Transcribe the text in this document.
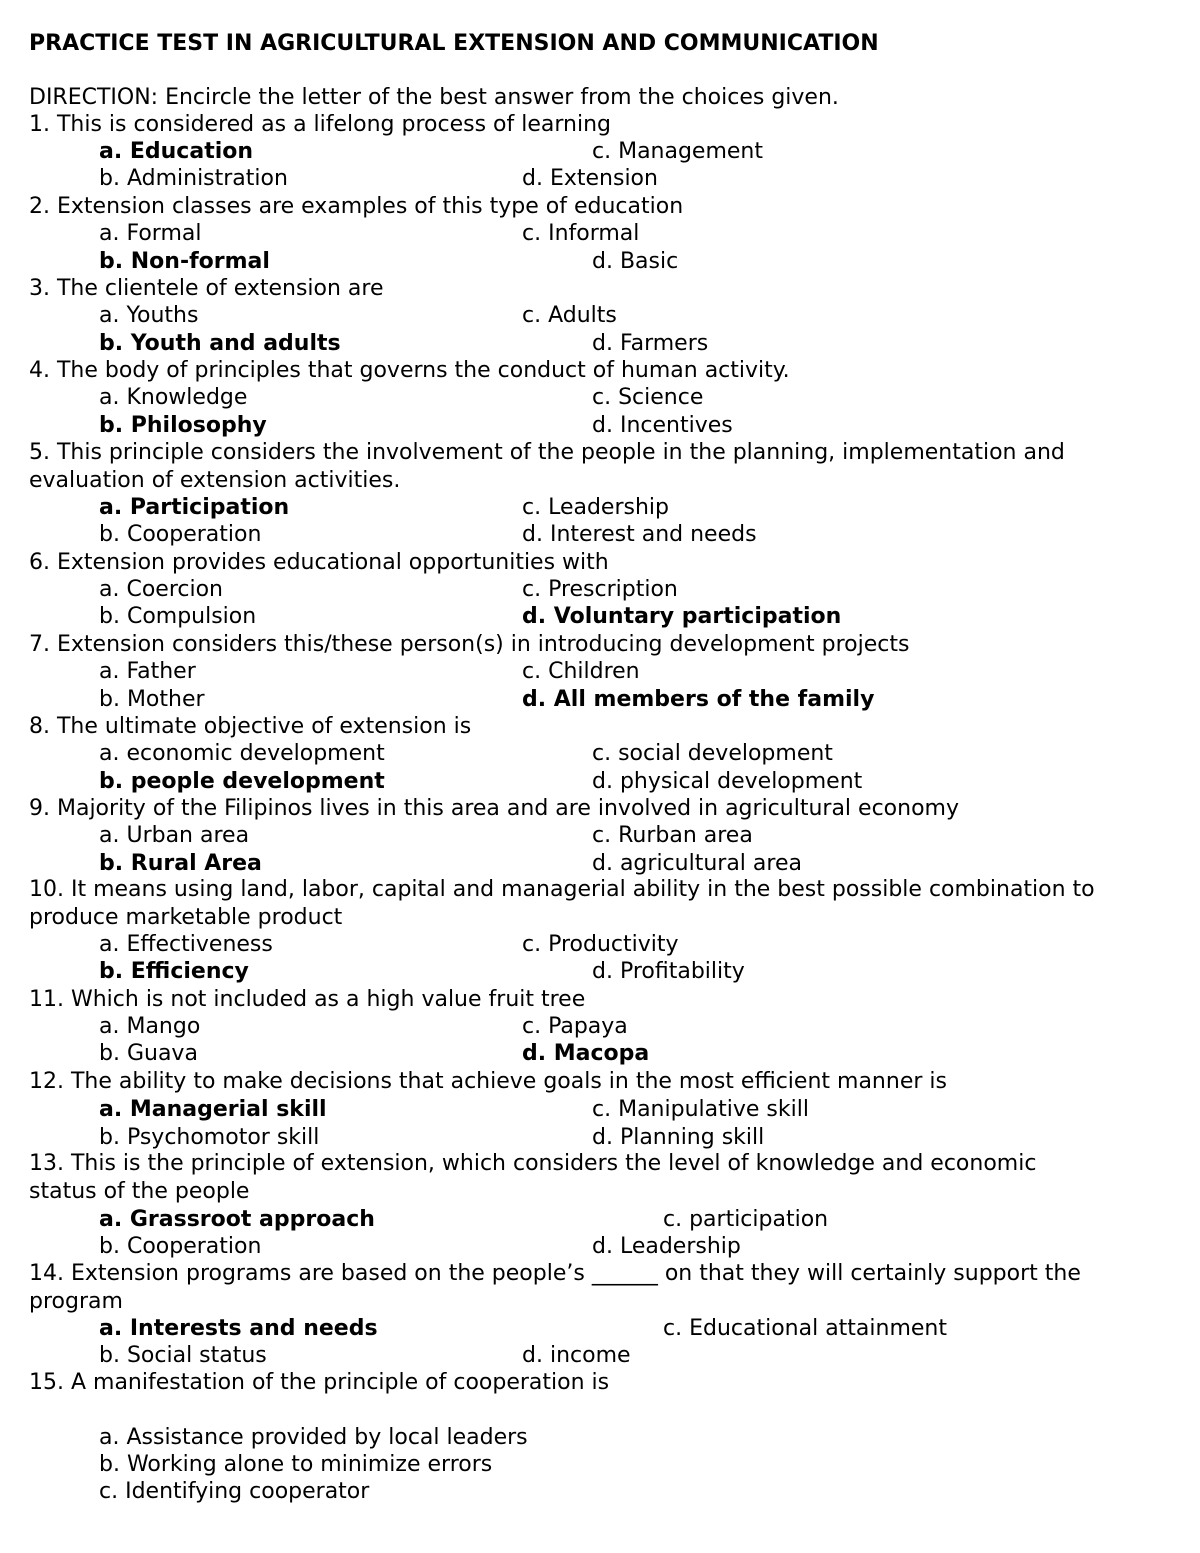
PRACTICE TEST IN AGRICULTURAL EXTENSION AND COMMUNICATION
DIRECTION: Encircle the letter of the best answer from the choices given.
1. This is considered as a lifelong process of learning
a. Education	c. Management
b. Administration	d. Extension
2. Extension classes are examples of this type of education
a. Formal	c. Informal
b. Non-formal	d. Basic
3. The clientele of extension are
a. Youths	c. Adults
b. Youth and adults	d. Farmers
4. The body of principles that governs the conduct of human activity.
a. Knowledge	c. Science
b. Philosophy	d. Incentives
5. This principle considers the involvement of the people in the planning, implementation and
evaluation of extension activities.
a. Participation	c. Leadership
b. Cooperation	d. Interest and needs
6. Extension provides educational opportunities with
a. Coercion	c. Prescription
b. Compulsion	d. Voluntary participation
7. Extension considers this/these person(s) in introducing development projects
a. Father	c. Children
b. Mother	d. All members of the family
8. The ultimate objective of extension is
a. economic development	c. social development
b. people development	d. physical development
9. Majority of the Filipinos lives in this area and are involved in agricultural economy
a. Urban area	c. Rurban area
b. Rural Area	d. agricultural area
10. It means using land, labor, capital and managerial ability in the best possible combination to
produce marketable product
a. Effectiveness	c. Productivity
b. Efficiency	d. Profitability
11. Which is not included as a high value fruit tree
a. Mango	c. Papaya
b. Guava	d. Macopa
12. The ability to make decisions that achieve goals in the most efficient manner is
a. Managerial skill	c. Manipulative skill
b. Psychomotor skill	d. Planning skill
13. This is the principle of extension, which considers the level of knowledge and economic
status of the people
a. Grassroot approach	c. participation
b. Cooperation	d. Leadership
14. Extension programs are based on the people’s ______ on that they will certainly support the
program
a. Interests and needs	c. Educational attainment
b. Social status	d. income
15. A manifestation of the principle of cooperation is
a. Assistance provided by local leaders
b. Working alone to minimize errors
c. Identifying cooperator
